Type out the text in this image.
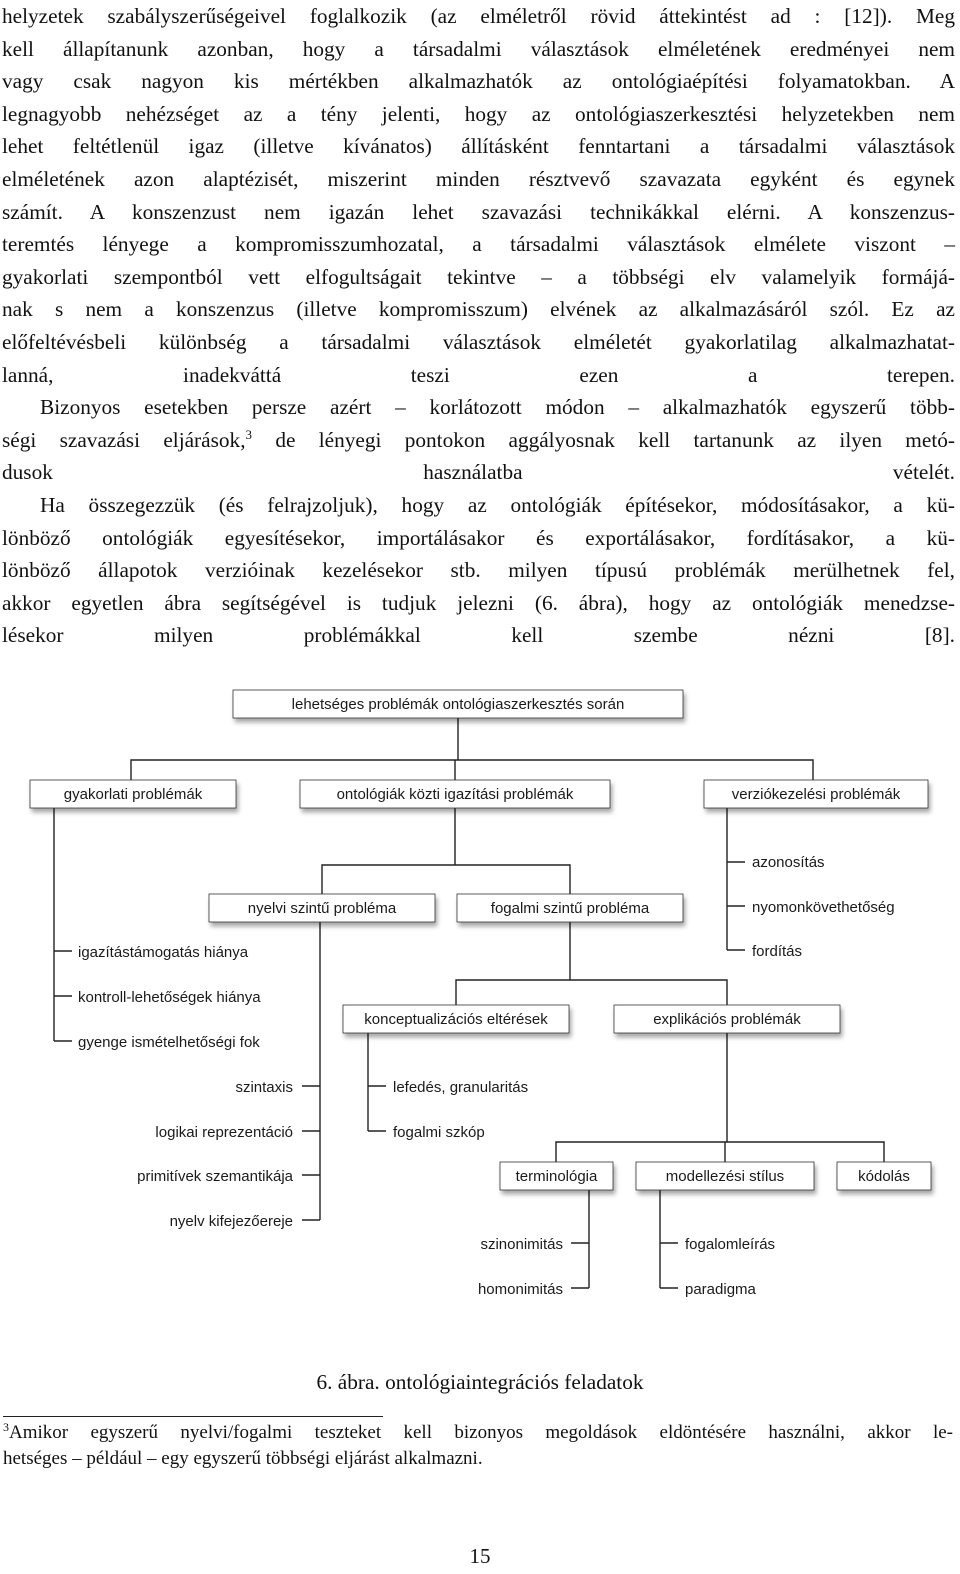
helyzetek szabályszerűségeivel foglalkozik (az elméletről rövid áttekintést ad : [12]). Meg
kell állapítanunk azonban, hogy a társadalmi választások elméletének eredményei nem
vagy csak nagyon kis mértékben alkalmazhatók az ontológiaépítési folyamatokban. A
legnagyobb nehézséget az a tény jelenti, hogy az ontológiaszerkesztési helyzetekben nem
lehet feltétlenül igaz (illetve kívánatos) állításként fenntartani a társadalmi választások
elméletének azon alaptézisét, miszerint minden résztvevő szavazata egyként és egynek
számít. A konszenzust nem igazán lehet szavazási technikákkal elérni. A konszenzus-
teremtés lényege a kompromisszumhozatal, a társadalmi választások elmélete viszont –
gyakorlati szempontból vett elfogultságait tekintve – a többségi elv valamelyik formájá-
nak s nem a konszenzus (illetve kompromisszum) elvének az alkalmazásáról szól. Ez az
előfeltévésbeli különbség a társadalmi választások elméletét gyakorlatilag alkalmazhatat-
lanná, inadekváttá teszi ezen a terepen.

Bizonyos esetekben persze azért – korlátozott módon – alkalmazhatók egyszerű több-
ségi szavazási eljárások,$^3$ de lényegi pontokon aggályosnak kell tartanunk az ilyen metó-
dusok használatba vételét.

Ha összegezzük (és felrajzoljuk), hogy az ontológiák építésekor, módosításakor, a kü-
lönböző ontológiák egyesítésekor, importálásakor és exportálásakor, fordításakor, a kü-
lönböző állapotok verzióinak kezelésekor stb. milyen típusú problémák merülhetnek fel,
akkor egyetlen ábra segítségével is tudjuk jelezni (6. ábra), hogy az ontológiák menedzse-
lésekor milyen problémákkal kell szembe nézni [8].

lehetséges problémák ontológiaszerkesztés során
gyakorlati problémák	ontológiák közti igazítási problémák	verziókezelési problémák
nyelvi szintű probléma	fogalmi szintű probléma
konceptualizációs eltérések	explikációs problémák
terminológia	modellezési stílus	kódolás
azonosítás
nyomonkövethetőség
fordítás
igazítástámogatás hiánya
kontroll-lehetőségek hiánya
gyenge ismételhetőségi fok
szintaxis
logikai reprezentáció
primitívek szemantikája
nyelv kifejezőereje
lefedés, granularitás
fogalmi szkóp
szinonimitás
homonimitás
fogalomleírás
paradigma
6. ábra. ontológiaintegrációs feladatok
$^3$Amikor egyszerű nyelvi/fogalmi teszteket kell bizonyos megoldások eldöntésére használni, akkor le-
hetséges – például – egy egyszerű többségi eljárást alkalmazni.
15
